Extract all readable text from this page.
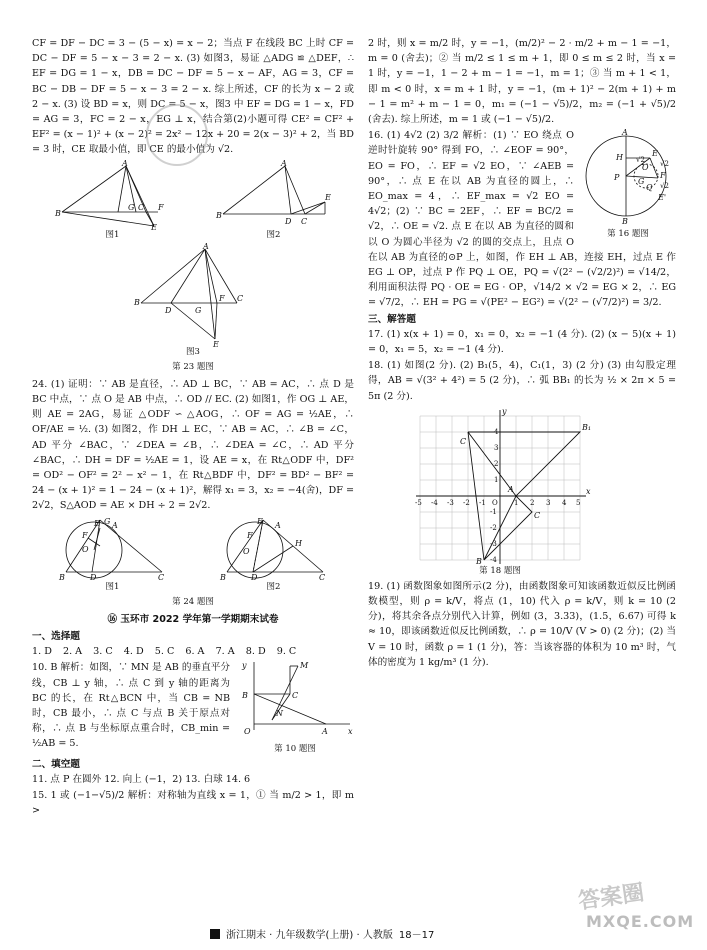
CF = DF − DC = 3 − (5 − x) = x − 2；当点 F 在线段 BC 上时 CF = DC − DF = 5 − x − 3 = 2 − x. (3) 如图3，易证 △ADG ≌ △DEF，∴ EF = DG = 1 − x，DB = DC − DF = 5 − x − AF，AG = 3，CF = BC − DB − DF = 5 − x − 3 = 2 − x. 综上所述，CF 的长为 x − 2 或 2 − x. (3) 设 BD = x，则 DC = 5 − x，图3 中 EF = DG = 1 − x，FD = AG = 3，FC = 2 − x，EG ⊥ x，结合第(2)小题可得 CE² = CF² + EF² = (x − 1)² + (x − 2)² = 2x² − 12x + 20 = 2(x − 3)² + 2，当 BD = 3 时，CE 取最小值，即 CE 的最小值为 √2.

A
B
G C F
E
图1
A
B
D C
E
图2
A
B
D	G
F C
E
图3
第 23 题图

24. (1) 证明：∵ AB 是直径，∴ AD ⊥ BC，∵ AB = AC，∴ 点 D 是 BC 中点，∵ 点 O 是 AB 中点，∴ OD // EC. (2) 如图1，作 OG ⊥ AE，则 AE = 2AG，易证 △ODF ∽ △AOG，∴ OF = AG = ½AE，∴ OF/AE = ½. (3) 如图2，作 DH ⊥ EC，∵ AB = AC，∴ ∠B = ∠C，AD 平分 ∠BAC，∵ ∠DEA = ∠B，∴ ∠DEA = ∠C，∴ AD 平分 ∠BAC，∴ DH = DF = ½AE = 1，设 AE = x，在 Rt△ODF 中，DF² = OD² − OF² = 2² − x² − 1，在 Rt△BDF 中，DF² = BD² − BF² = 24 − (x + 1)² = 1 − 24 − (x + 1)²，解得 x₁ = 3，x₂ = −4(舍)，DF = 2√2，S△AOD = AE × DH ÷ 2 = 2√2.

E G A
F
O
B	D	C
图1
E A
F
H
O
B	D	C
图2
第 24 题图
⑯ 玉环市 2022 学年第一学期期末试卷
一、选择题
1. D 2. A 3. C 4. D 5. C 6. A 7. A 8. D 9. C
y
x
M
B	C
N
O	A
第 10 题图

10. B 解析：如图，∵ MN 是 AB 的垂直平分线，CB ⊥ y 轴，∴ 点 C 到 y 轴的距离为 BC 的长，在 Rt△BCN 中，当 CB = NB 时，CB 最小，∴ 点 C 与点 B 关于原点对称，∴ 点 B 与坐标原点重合时，CB_min = ½AB = 5.

二、填空题

11. 点 P 在圆外 12. 向上 (−1，2) 13. 白球 14. 6

15. 1 或 (−1−√5)/2 解析：对称轴为直线 x = 1，① 当 m/2 > 1，即 m >

2 时，则 x = m/2 时，y = −1，(m/2)² − 2 · m/2 + m − 1 = −1，m = 0 (舍去)；② 当 m/2 ≤ 1 ≤ m + 1，即 0 ≤ m ≤ 2 时，当 x = 1 时，y = −1，1 − 2 + m − 1 = −1，m = 1；③ 当 m + 1 < 1，即 m < 0 时，x = m + 1 时，y = −1，(m + 1)² − 2(m + 1) + m − 1 = m² + m − 1 = 0，m₁ = (−1 − √5)/2，m₂ = (−1 + √5)/2 (舍去). 综上所述，m = 1 或 (−1 − √5)/2.

A
E
H
P
O
G
Q
F
E'
√2
√2
√2
B
第 16 题图

16. (1) 4√2 (2) 3/2 解析：(1) ∵ EO 绕点 O 逆时针旋转 90° 得到 FO，∴ ∠EOF = 90°，EO = FO，∴ EF = √2 EO，∵ ∠AEB = 90°，∴ 点 E 在以 AB 为直径的圆上，∴ EO_max = 4，∴ EF_max = √2 EO = 4√2；(2) ∵ BC = 2EF，∴ EF = BC/2 = √2，∴ OE = √2. 点 E 在以 AB 为直径的圆和以 O 为圆心半径为 √2 的圆的交点上，且点 O 在以 AB 为直径的⊙P 上，如图，作 EH ⊥ AB，连接 EH，过点 E 作 EG ⊥ OP，过点 P 作 PQ ⊥ OE，PQ = √(2² − (√2/2)²) = √14/2，利用面积法得 PQ · OE = EG · OP，√14/2 × √2 = EG × 2，∴ EG = √7/2，∴ EH = PG = √(PE² − EG²) = √(2² − (√7/2)²) = 3/2.

三、解答题

17. (1) x(x + 1) = 0，x₁ = 0，x₂ = −1 (4 分). (2) (x − 5)(x + 1) = 0，x₁ = 5，x₂ = −1 (4 分).

18. (1) 如图(2 分). (2) B₁(5，4)，C₁(1，3) (2 分) (3) 由勾股定理得，AB = √(3² + 4²) = 5 (2 分)，∴ 弧 BB₁ 的长为 ½ × 2π × 5 = 5π (2 分).

-5 -4 -3 -2 -1 O 1 2 3 4 5
4
3
2
1
-1
-2
-3
-4
x
y
B₁
C
A
C
B
第 18 题图

19. (1) 函数图象如图所示(2 分)，由函数图象可知该函数近似反比例函数模型，则 ρ = k/V，将点 (1，10) 代入 ρ = k/V，则 k = 10 (2 分)，将其余各点分别代入计算，例如 (3，3.33)，(1.5，6.67) 可得 k ≈ 10，即该函数近似反比例函数，∴ ρ = 10/V (V > 0) (2 分)；(2) 当 V = 10 时，函数 ρ = 1 (1 分)，答：当该容器的体积为 10 m³ 时，气体的密度为 1 kg/m³ (1 分).

浙江期末 · 九年级数学(上册) · 人教版 18－17
答案圈
MXQE.COM
